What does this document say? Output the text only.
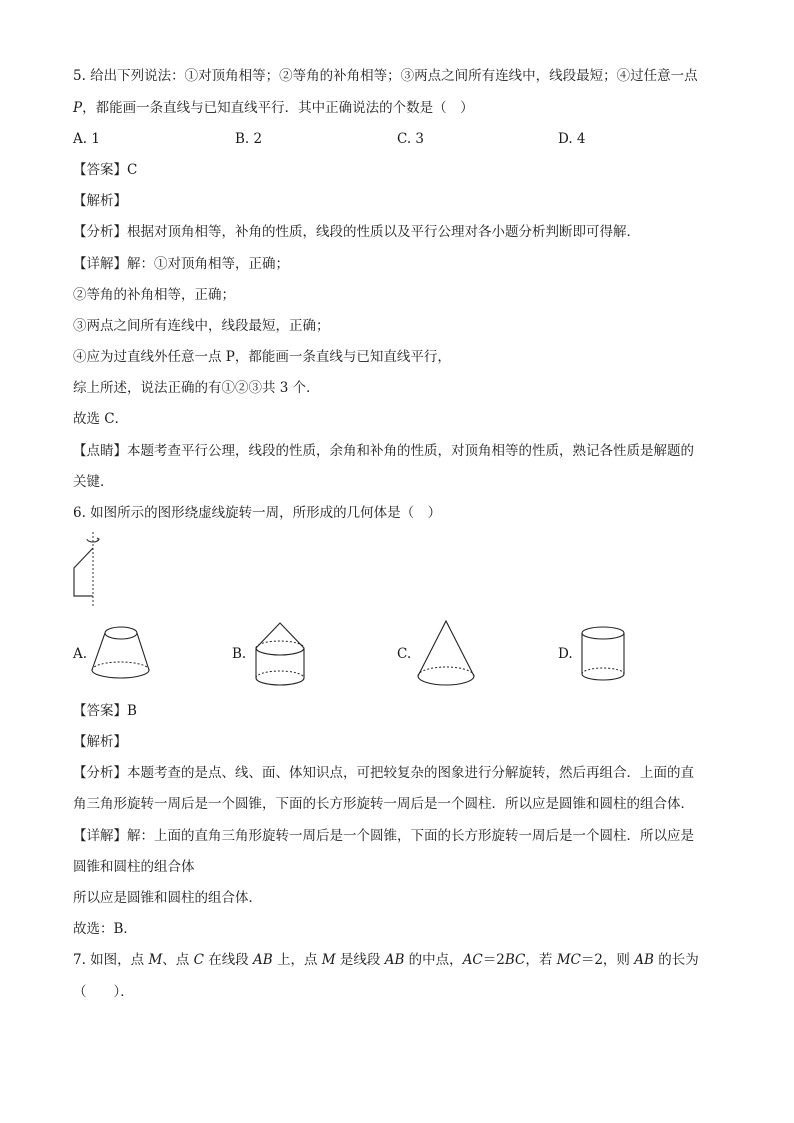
5. 给出下列说法：①对顶角相等；②等角的补角相等；③两点之间所有连线中，线段最短；④过任意一点
P，都能画一条直线与已知直线平行．其中正确说法的个数是（　）
A. 1	B. 2	C. 3	D. 4
【答案】C
【解析】
【分析】根据对顶角相等，补角的性质，线段的性质以及平行公理对各小题分析判断即可得解．
【详解】解：①对顶角相等，正确；
②等角的补角相等，正确；
③两点之间所有连线中，线段最短，正确；
④应为过直线外任意一点 P，都能画一条直线与已知直线平行，
综上所述，说法正确的有①②③共 3 个．
故选 C．
【点睛】本题考查平行公理，线段的性质，余角和补角的性质，对顶角相等的性质，熟记各性质是解题的
关键．
6. 如图所示的图形绕虚线旋转一周，所形成的几何体是（　）
A.	B.	C.	D.
【答案】B
【解析】
【分析】本题考查的是点、线、面、体知识点，可把较复杂的图象进行分解旋转，然后再组合．上面的直
角三角形旋转一周后是一个圆锥，下面的长方形旋转一周后是一个圆柱．所以应是圆锥和圆柱的组合体．
【详解】解：上面的直角三角形旋转一周后是一个圆锥，下面的长方形旋转一周后是一个圆柱．所以应是
圆锥和圆柱的组合体
所以应是圆锥和圆柱的组合体．
故选：B．
7. 如图，点 M、点 C 在线段 AB 上，点 M 是线段 AB 的中点，AC＝2BC，若 MC＝2，则 AB 的长为
（　　）．
